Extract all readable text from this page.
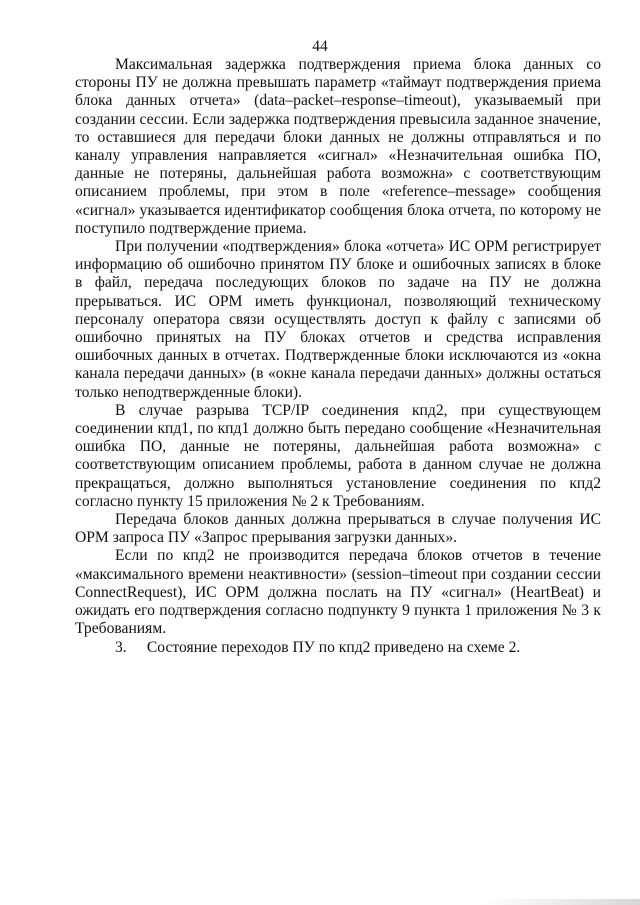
44

Максимальная задержка подтверждения приема блока данных со стороны ПУ не должна превышать параметр «таймаут подтверждения приема блока данных отчета» (data–packet–response–timeout), указываемый при создании сессии. Если задержка подтверждения превысила заданное значение, то оставшиеся для передачи блоки данных не должны отправляться и по каналу управления направляется «сигнал» «Незначительная ошибка ПО, данные не потеряны, дальнейшая работа возможна» с соответствующим описанием проблемы, при этом в поле «reference–message» сообщения «сигнал» указывается идентификатор сообщения блока отчета, по которому не поступило подтверждение приема.

При получении «подтверждения» блока «отчета» ИС ОРМ регистрирует информацию об ошибочно принятом ПУ блоке и ошибочных записях в блоке в файл, передача последующих блоков по задаче на ПУ не должна прерываться. ИС ОРМ иметь функционал, позволяющий техническому персоналу оператора связи осуществлять доступ к файлу с записями об ошибочно принятых на ПУ блоках отчетов и средства исправления ошибочных данных в отчетах. Подтвержденные блоки исключаются из «окна канала передачи данных» (в «окне канала передачи данных» должны остаться только неподтвержденные блоки).

В случае разрыва TCP/IP соединения кпд2, при существующем соединении кпд1, по кпд1 должно быть передано сообщение «Незначительная ошибка ПО, данные не потеряны, дальнейшая работа возможна» с соответствующим описанием проблемы, работа в данном случае не должна прекращаться, должно выполняться установление соединения по кпд2 согласно пункту 15 приложения № 2 к Требованиям.

Передача блоков данных должна прерываться в случае получения ИС ОРМ запроса ПУ «Запрос прерывания загрузки данных».

Если по кпд2 не производится передача блоков отчетов в течение «максимального времени неактивности» (session–timeout при создании сессии ConnectRequest), ИС ОРМ должна послать на ПУ «сигнал» (HeartBeat) и ожидать его подтверждения согласно подпункту 9 пункта 1 приложения № 3 к Требованиям.

3. Состояние переходов ПУ по кпд2 приведено на схеме 2.
